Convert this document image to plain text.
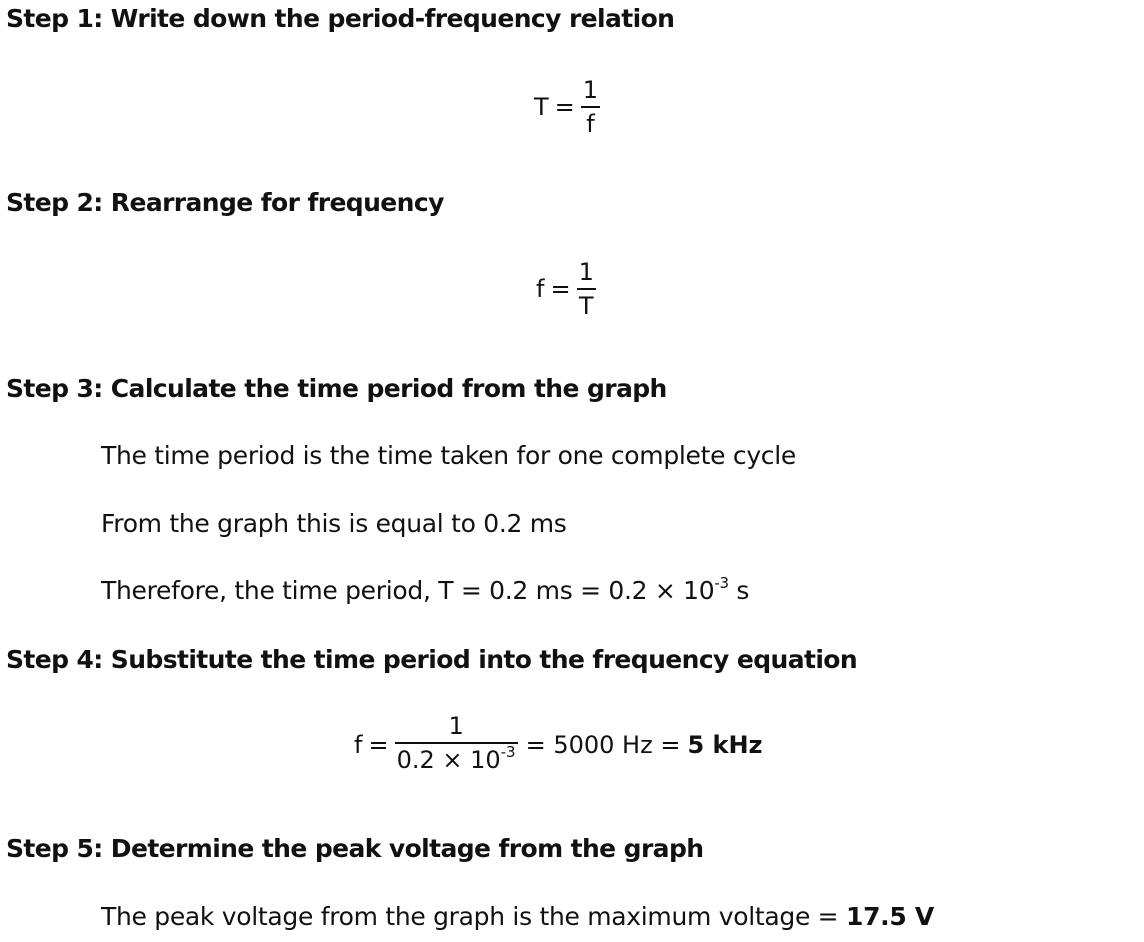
Step 1: Write down the period-frequency relation
$T = \frac{1}{f}$
Step 2: Rearrange for frequency
$f = \frac{1}{T}$
Step 3: Calculate the time period from the graph
The time period is the time taken for one complete cycle
From the graph this is equal to 0.2 ms
Therefore, the time period, T = 0.2 ms = $0.2 \times 10^{-3}$ s
Step 4: Substitute the time period into the frequency equation
$f = \frac{1}{0.2 \times 10^{-3}} = 5000$ Hz = 5 kHz
Step 5: Determine the peak voltage from the graph
The peak voltage from the graph is the maximum voltage = 17.5 V
